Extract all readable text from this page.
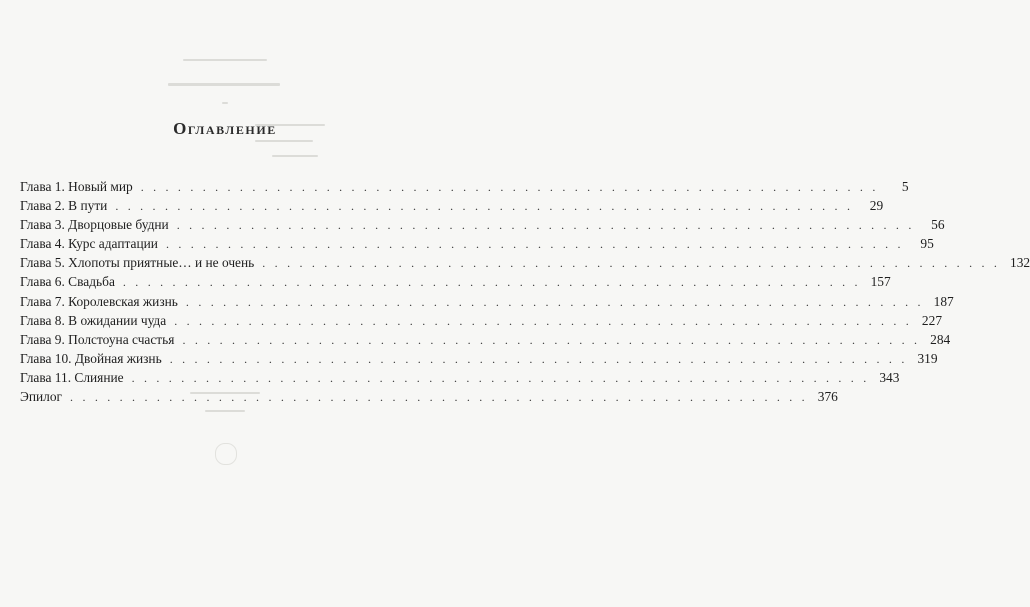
Оглавление
Глава 1. Новый мир . . . . . . . . . . . . . . . . . . . . . . . . . . . . . . . . . . . . . . . . . . . . . . . . . . . . . . . . . . . .	5
Глава 2. В пути . . . . . . . . . . . . . . . . . . . . . . . . . . . . . . . . . . . . . . . . . . . . . . . . . . . . . . . . . . . .	29
Глава 3. Дворцовые будни . . . . . . . . . . . . . . . . . . . . . . . . . . . . . . . . . . . . . . . . . . . . . . . . . . . . . . . . . . . .	56
Глава 4. Курс адаптации . . . . . . . . . . . . . . . . . . . . . . . . . . . . . . . . . . . . . . . . . . . . . . . . . . . . . . . . . . . .	95
Глава 5. Хлопоты приятные… и не очень . . . . . . . . . . . . . . . . . . . . . . . . . . . . . . . . . . . . . . . . . . . . . . . . . . . . . . . . . . . . 132
Глава 6. Свадьба . . . . . . . . . . . . . . . . . . . . . . . . . . . . . . . . . . . . . . . . . . . . . . . . . . . . . . . . . . . . 157
Глава 7. Королевская жизнь . . . . . . . . . . . . . . . . . . . . . . . . . . . . . . . . . . . . . . . . . . . . . . . . . . . . . . . . . . . . 187
Глава 8. В ожидании чуда . . . . . . . . . . . . . . . . . . . . . . . . . . . . . . . . . . . . . . . . . . . . . . . . . . . . . . . . . . . . 227
Глава 9. Полстоуна счастья . . . . . . . . . . . . . . . . . . . . . . . . . . . . . . . . . . . . . . . . . . . . . . . . . . . . . . . . . . . . 284
Глава 10. Двойная жизнь . . . . . . . . . . . . . . . . . . . . . . . . . . . . . . . . . . . . . . . . . . . . . . . . . . . . . . . . . . . . 319
Глава 11. Слияние . . . . . . . . . . . . . . . . . . . . . . . . . . . . . . . . . . . . . . . . . . . . . . . . . . . . . . . . . . . . 343
Эпилог . . . . . . . . . . . . . . . . . . . . . . . . . . . . . . . . . . . . . . . . . . . . . . . . . . . . . . . . . . . . 376
